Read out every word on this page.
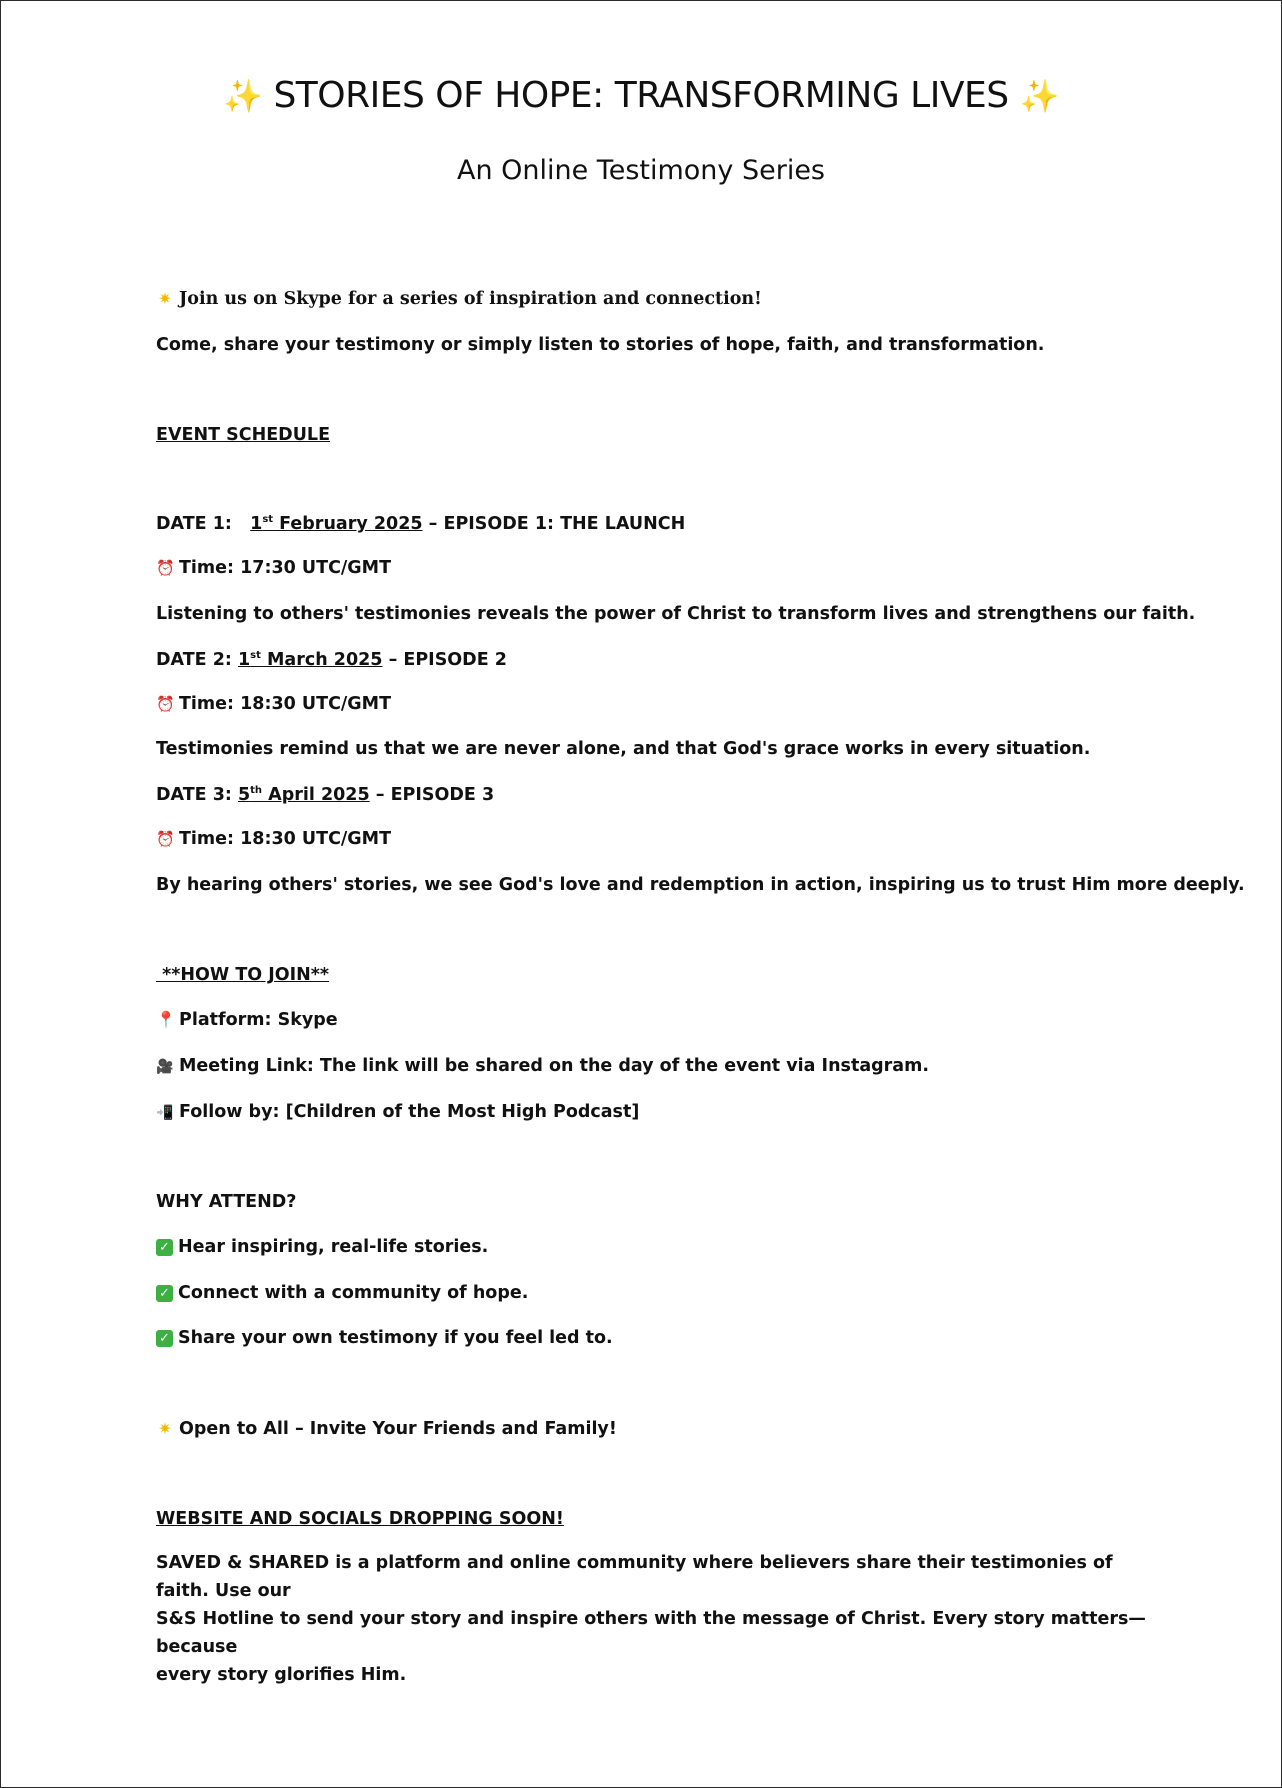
✨ STORIES OF HOPE: TRANSFORMING LIVES ✨
An Online Testimony Series
✷ Join us on Skype for a series of inspiration and connection!
Come, share your testimony or simply listen to stories of hope, faith, and transformation.
EVENT SCHEDULE
DATE 1: 1st February 2025 – EPISODE 1: THE LAUNCH
⏰ Time: 17:30 UTC/GMT
Listening to others' testimonies reveals the power of Christ to transform lives and strengthens our faith.
DATE 2: 1st March 2025 – EPISODE 2
⏰ Time: 18:30 UTC/GMT
Testimonies remind us that we are never alone, and that God's grace works in every situation.
DATE 3: 5th April 2025 – EPISODE 3
⏰ Time: 18:30 UTC/GMT
By hearing others' stories, we see God's love and redemption in action, inspiring us to trust Him more deeply.
**HOW TO JOIN**
📍 Platform: Skype
🎥 Meeting Link: The link will be shared on the day of the event via Instagram.
📲 Follow by: [Children of the Most High Podcast]
WHY ATTEND?
✓ Hear inspiring, real-life stories.
✓ Connect with a community of hope.
✓ Share your own testimony if you feel led to.
✷ Open to All – Invite Your Friends and Family!
WEBSITE AND SOCIALS DROPPING SOON!
SAVED & SHARED is a platform and online community where believers share their testimonies of faith. Use our
S&S Hotline to send your story and inspire others with the message of Christ. Every story matters—because
every story glorifies Him.
